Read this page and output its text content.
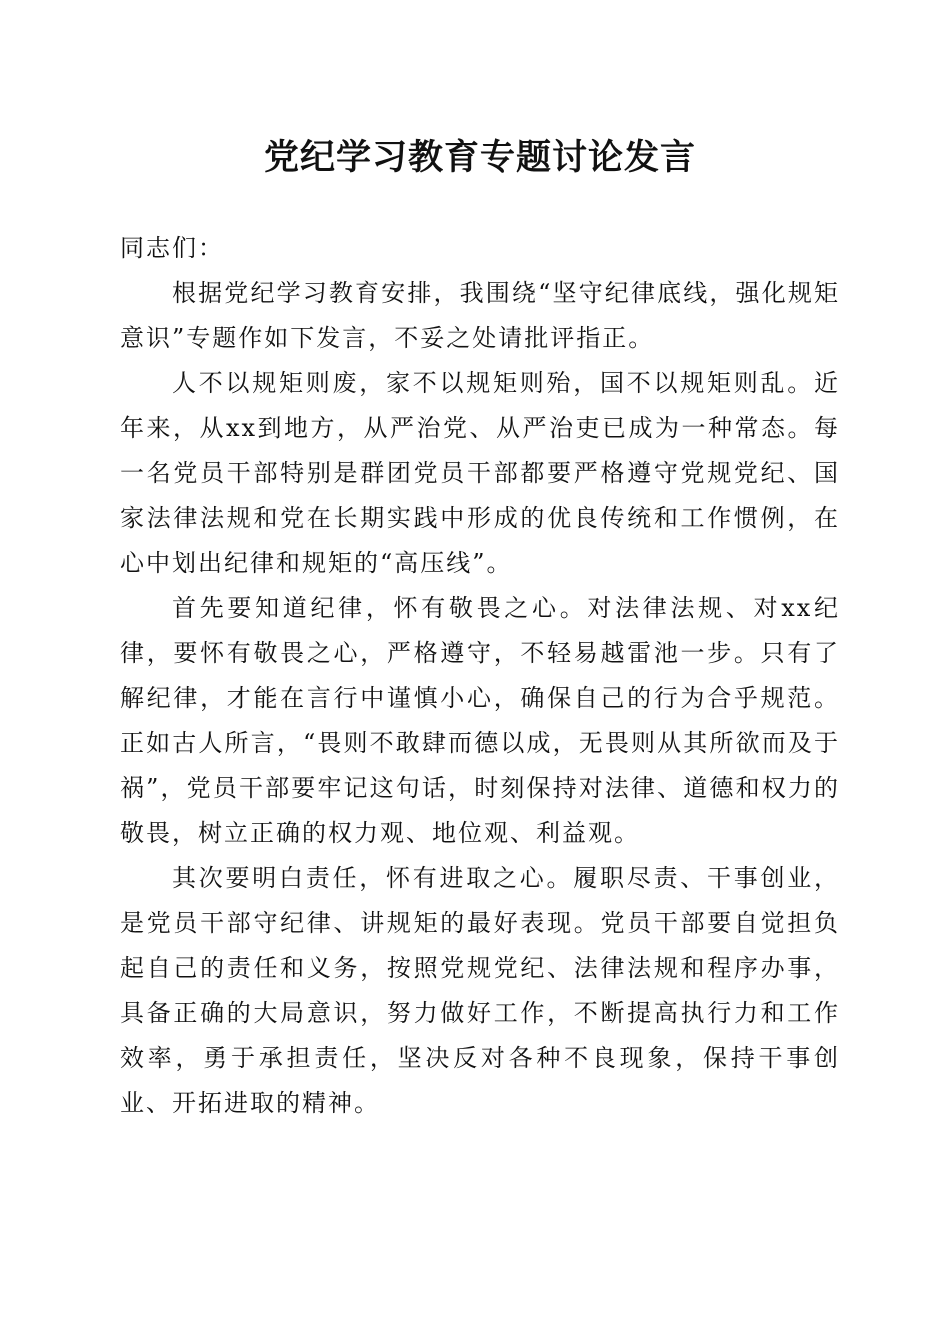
党纪学习教育专题讨论发言

同志们：

根据党纪学习教育安排，我围绕“坚守纪律底线，强化规矩意识”专题作如下发言，不妥之处请批评指正。

人不以规矩则废，家不以规矩则殆，国不以规矩则乱。近年来，从xx到地方，从严治党、从严治吏已成为一种常态。每一名党员干部特别是群团党员干部都要严格遵守党规党纪、国家法律法规和党在长期实践中形成的优良传统和工作惯例，在心中划出纪律和规矩的“高压线”。

首先要知道纪律，怀有敬畏之心。对法律法规、对xx纪律，要怀有敬畏之心，严格遵守，不轻易越雷池一步。只有了解纪律，才能在言行中谨慎小心，确保自己的行为合乎规范。正如古人所言，“畏则不敢肆而德以成，无畏则从其所欲而及于祸”，党员干部要牢记这句话，时刻保持对法律、道德和权力的敬畏，树立正确的权力观、地位观、利益观。

其次要明白责任，怀有进取之心。履职尽责、干事创业，是党员干部守纪律、讲规矩的最好表现。党员干部要自觉担负起自己的责任和义务，按照党规党纪、法律法规和程序办事，具备正确的大局意识，努力做好工作，不断提高执行力和工作效率，勇于承担责任，坚决反对各种不良现象，保持干事创业、开拓进取的精神。
